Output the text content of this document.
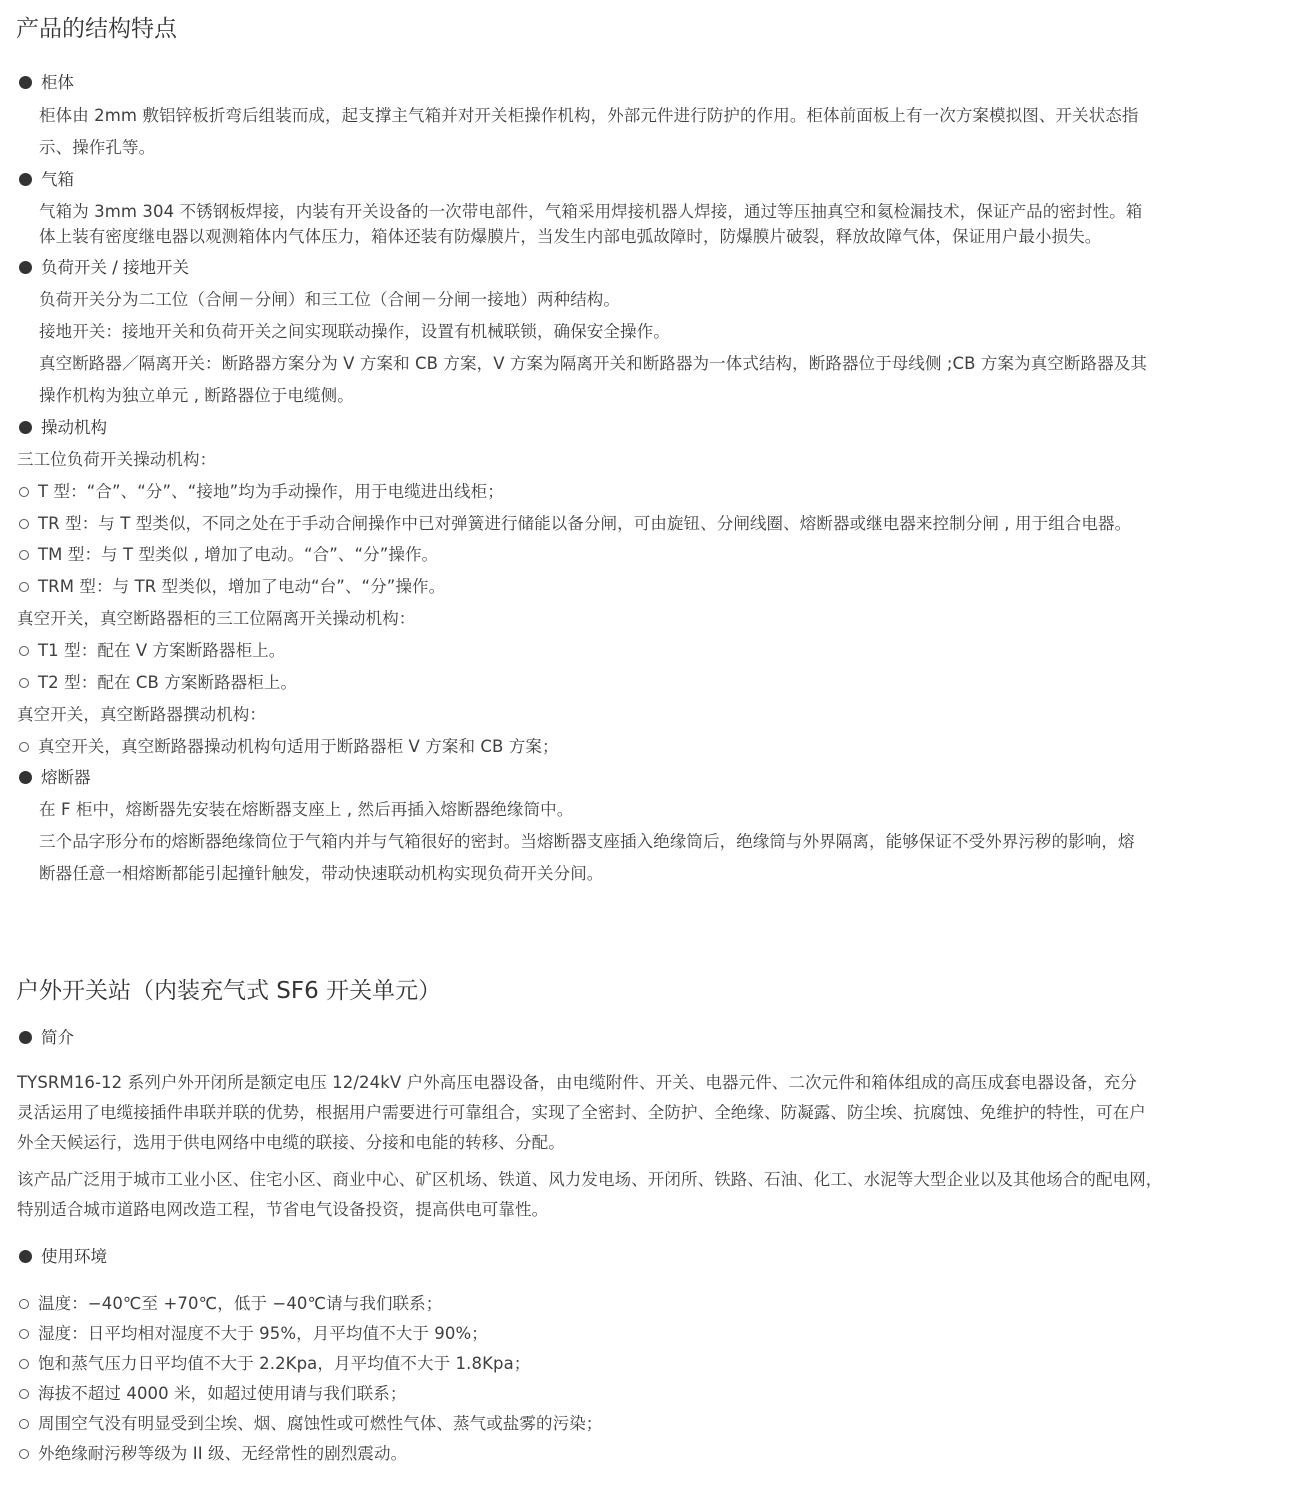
产品的结构特点
柜体
柜体由 2mm 敷铝锌板折弯后组装而成，起支撑主气箱并对开关柜操作机构，外部元件进行防护的作用。柜体前面板上有一次方案模拟图、开关状态指
示、操作孔等。
气箱
气箱为 3mm 304 不锈钢板焊接，内装有开关设备的一次带电部件，气箱采用焊接机器人焊接，通过等压抽真空和氦检漏技术，保证产品的密封性。箱
体上装有密度继电器以观测箱体内气体压力，箱体还装有防爆膜片，当发生内部电弧故障时，防爆膜片破裂，释放故障气体，保证用户最小损失。
负荷开关 / 接地开关
负荷开关分为二工位（合闸－分闸）和三工位（合闸－分闸一接地）两种结构。
接地开关：接地开关和负荷开关之间实现联动操作，设置有机械联锁，确保安全操作。
真空断路器／隔离开关：断路器方案分为 V 方案和 CB 方案，V 方案为隔离开关和断路器为一体式结构，断路器位于母线侧 ;CB 方案为真空断路器及其
操作机构为独立单元 , 断路器位于电缆侧。
操动机构
三工位负荷开关操动机构：
T 型：“合”、“分”、“接地”均为手动操作，用于电缆进出线柜；
TR 型：与 T 型类似，不同之处在于手动合闸操作中已对弹簧进行储能以备分闸，可由旋钮、分闸线圈、熔断器或继电器来控制分闸 , 用于组合电器。
TM 型：与 T 型类似 , 增加了电动。“合”、“分”操作。
TRM 型：与 TR 型类似，增加了电动“台”、“分”操作。
真空开关，真空断路器柜的三工位隔离开关操动机构：
T1 型：配在 V 方案断路器柜上。
T2 型：配在 CB 方案断路器柜上。
真空开关，真空断路器撰动机构：
真空开关，真空断路器操动机构句适用于断路器柜 V 方案和 CB 方案；
熔断器
在 F 柜中，熔断器先安装在熔断器支座上 , 然后再插入熔断器绝缘筒中。
三个品字形分布的熔断器绝缘筒位于气箱内并与气箱很好的密封。当熔断器支座插入绝缘筒后，绝缘筒与外界隔离，能够保证不受外界污秽的影响，熔
断器任意一相熔断都能引起撞针触发，带动快速联动机构实现负荷开关分间。
户外开关站（内装充气式 SF6 开关单元）
简介
TYSRM16-12 系列户外开闭所是额定电压 12/24kV 户外高压电器设备，由电缆附件、开关、电器元件、二次元件和箱体组成的高压成套电器设备，充分
灵活运用了电缆接插件串联并联的优势，根据用户需要进行可靠组合，实现了全密封、全防护、全绝缘、防凝露、防尘埃、抗腐蚀、免维护的特性，可在户
外全天候运行，选用于供电网络中电缆的联接、分接和电能的转移、分配。
该产品广泛用于城市工业小区、住宅小区、商业中心、矿区机场、铁道、风力发电场、开闭所、铁路、石油、化工、水泥等大型企业以及其他场合的配电网，
特别适合城市道路电网改造工程，节省电气设备投资，提高供电可靠性。
使用环境
温度：−40℃至 +70℃，低于 −40℃请与我们联系；
湿度：日平均相对湿度不大于 95%，月平均值不大于 90%；
饱和蒸气压力日平均值不大于 2.2Kpa，月平均值不大于 1.8Kpa；
海拔不超过 4000 米，如超过使用请与我们联系；
周围空气没有明显受到尘埃、烟、腐蚀性或可燃性气体、蒸气或盐雾的污染；
外绝缘耐污秽等级为 II 级、无经常性的剧烈震动。
